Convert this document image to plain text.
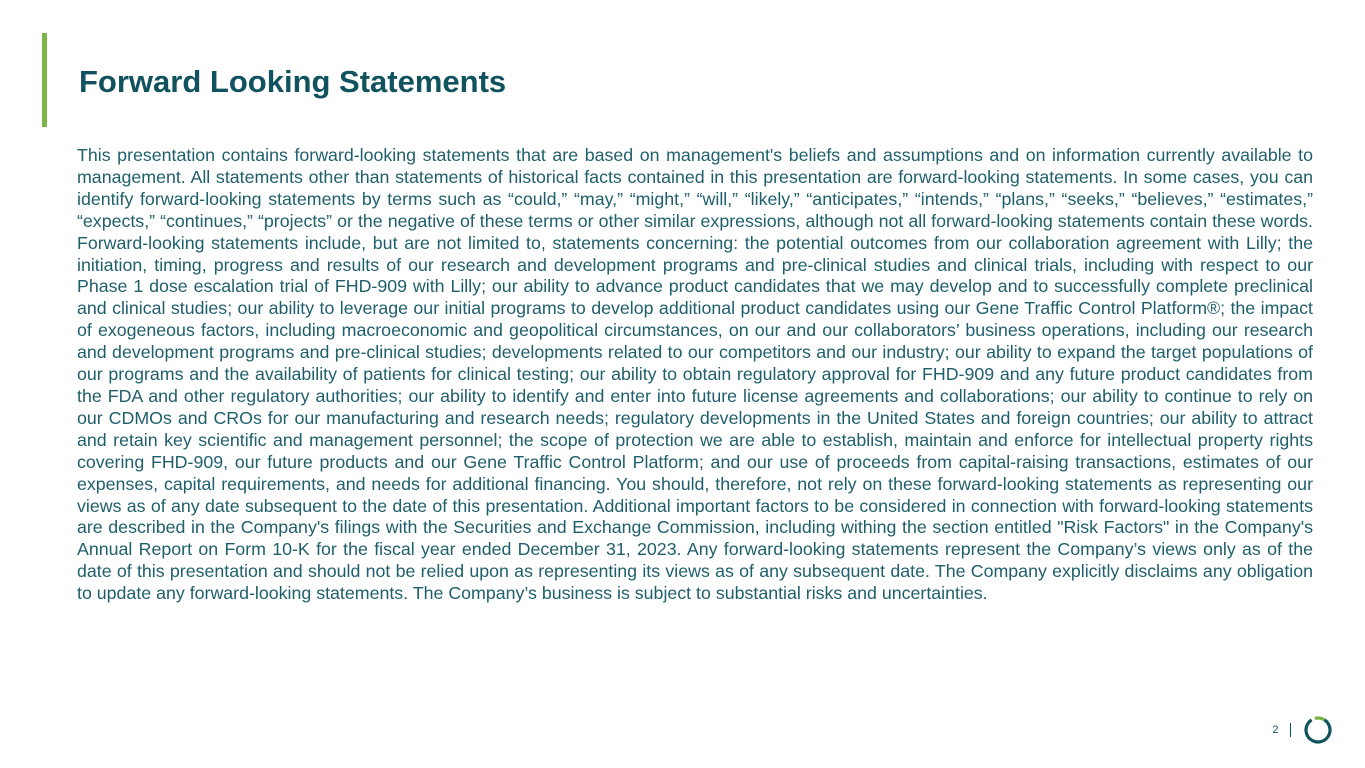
Forward Looking Statements

This presentation contains forward-looking statements that are based on management's beliefs and assumptions and on information currently available to management. All statements other than statements of historical facts contained in this presentation are forward-looking statements. In some cases, you can identify forward-looking statements by terms such as “could,” “may,” “might,” “will,” “likely,” “anticipates,” “intends,” “plans,” “seeks,” “believes,” “estimates,” “expects,” “continues,” “projects” or the negative of these terms or other similar expressions, although not all forward-looking statements contain these words. Forward-looking statements include, but are not limited to, statements concerning: the potential outcomes from our collaboration agreement with Lilly; the initiation, timing, progress and results of our research and development programs and pre-clinical studies and clinical trials, including with respect to our Phase 1 dose escalation trial of FHD-909 with Lilly; our ability to advance product candidates that we may develop and to successfully complete preclinical and clinical studies; our ability to leverage our initial programs to develop additional product candidates using our Gene Traffic Control Platform®; the impact of exogeneous factors, including macroeconomic and geopolitical circumstances, on our and our collaborators’ business operations, including our research and development programs and pre-clinical studies; developments related to our competitors and our industry; our ability to expand the target populations of our programs and the availability of patients for clinical testing; our ability to obtain regulatory approval for FHD-909 and any future product candidates from the FDA and other regulatory authorities; our ability to identify and enter into future license agreements and collaborations; our ability to continue to rely on our CDMOs and CROs for our manufacturing and research needs; regulatory developments in the United States and foreign countries; our ability to attract and retain key scientific and management personnel; the scope of protection we are able to establish, maintain and enforce for intellectual property rights covering FHD-909, our future products and our Gene Traffic Control Platform; and our use of proceeds from capital-raising transactions, estimates of our expenses, capital requirements, and needs for additional financing. You should, therefore, not rely on these forward-looking statements as representing our views as of any date subsequent to the date of this presentation. Additional important factors to be considered in connection with forward-looking statements are described in the Company's filings with the Securities and Exchange Commission, including withing the section entitled "Risk Factors" in the Company's Annual Report on Form 10-K for the fiscal year ended December 31, 2023. Any forward-looking statements represent the Company’s views only as of the date of this presentation and should not be relied upon as representing its views as of any subsequent date. The Company explicitly disclaims any obligation to update any forward-looking statements. The Company’s business is subject to substantial risks and uncertainties.

2
